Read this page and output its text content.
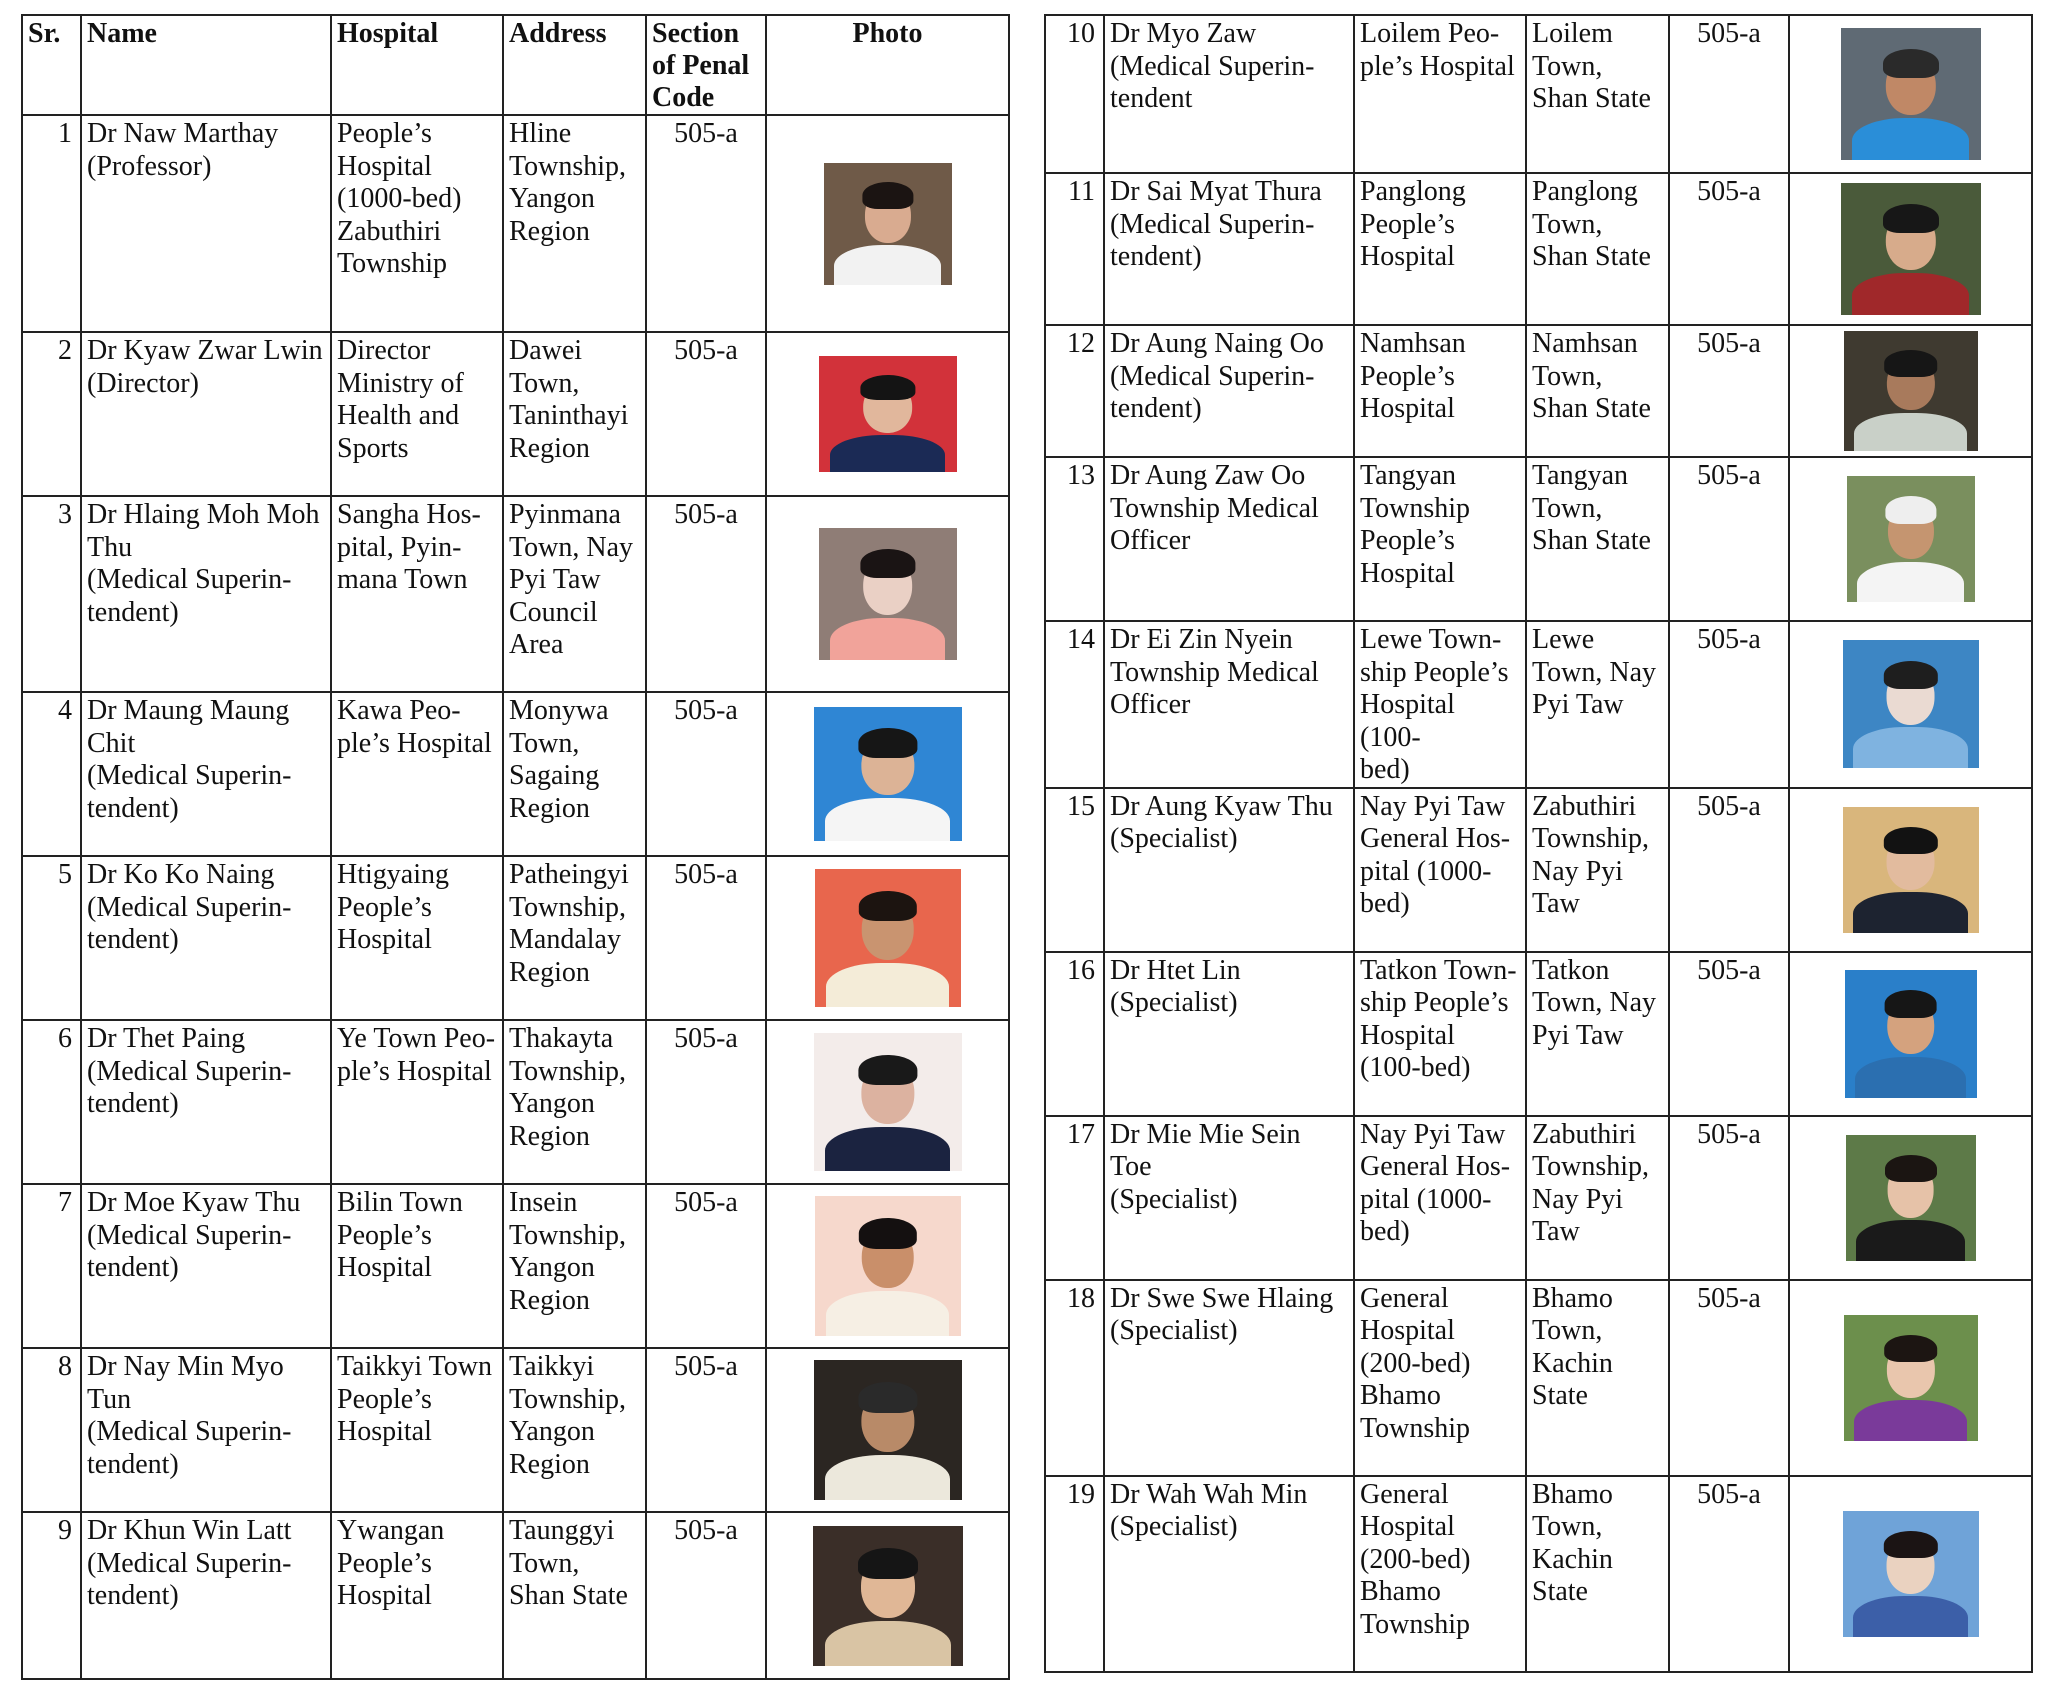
Sr.	Name	Hospital	Address	Section
of Penal
Code	Photo
1	Dr Naw Marthay
(Professor)	People’s
Hospital
(1000-bed)
Zabuthiri
Township	Hline
Township,
Yangon
Region	505-a	

2	Dr Kyaw Zwar Lwin
(Director)	Director
Ministry of
Health and
Sports	Dawei
Town,
Taninthayi
Region	505-a	

3	Dr Hlaing Moh Moh
Thu
(Medical Superin-
tendent)	Sangha Hos-
pital, Pyin-
mana Town	Pyinmana
Town, Nay
Pyi Taw
Council
Area	505-a	

4	Dr Maung Maung
Chit
(Medical Superin-
tendent)	Kawa Peo-
ple’s Hospital	Monywa
Town,
Sagaing
Region	505-a	

5	Dr Ko Ko Naing
(Medical Superin-
tendent)	Htigyaing
People’s
Hospital	Patheingyi
Township,
Mandalay
Region	505-a	

6	Dr Thet Paing
(Medical Superin-
tendent)	Ye Town Peo-
ple’s Hospital	Thakayta
Township,
Yangon
Region	505-a	

7	Dr Moe Kyaw Thu
(Medical Superin-
tendent)	Bilin Town
People’s
Hospital	Insein
Township,
Yangon
Region	505-a	

8	Dr Nay Min Myo
Tun
(Medical Superin-
tendent)	Taikkyi Town
People’s
Hospital	Taikkyi
Township,
Yangon
Region	505-a	

9	Dr Khun Win Latt
(Medical Superin-
tendent)	Ywangan
People’s
Hospital	Taunggyi
Town,
Shan State	505-a	
10	Dr Myo Zaw
(Medical Superin-
tendent	Loilem Peo-
ple’s Hospital	Loilem
Town,
Shan State	505-a	

11	Dr Sai Myat Thura
(Medical Superin-
tendent)	Panglong
People’s
Hospital	Panglong
Town,
Shan State	505-a	

12	Dr Aung Naing Oo
(Medical Superin-
tendent)	Namhsan
People’s
Hospital	Namhsan
Town,
Shan State	505-a	

13	Dr Aung Zaw Oo
Township Medical
Officer	Tangyan
Township
People’s
Hospital	Tangyan
Town,
Shan State	505-a	

14	Dr Ei Zin Nyein
Township Medical
Officer	Lewe Town-
ship People’s
Hospital (100-
bed)	Lewe
Town, Nay
Pyi Taw	505-a	

15	Dr Aung Kyaw Thu
(Specialist)	Nay Pyi Taw
General Hos-
pital (1000-
bed)	Zabuthiri
Township,
Nay Pyi
Taw	505-a	

16	Dr Htet Lin
(Specialist)	Tatkon Town-
ship People’s
Hospital
(100-bed)	Tatkon
Town, Nay
Pyi Taw	505-a	

17	Dr Mie Mie Sein
Toe
(Specialist)	Nay Pyi Taw
General Hos-
pital (1000-
bed)	Zabuthiri
Township,
Nay Pyi
Taw	505-a	

18	Dr Swe Swe Hlaing
(Specialist)	General
Hospital
(200-bed)
Bhamo
Township	Bhamo
Town,
Kachin
State	505-a	

19	Dr Wah Wah Min
(Specialist)	General
Hospital
(200-bed)
Bhamo
Township	Bhamo
Town,
Kachin
State	505-a	
